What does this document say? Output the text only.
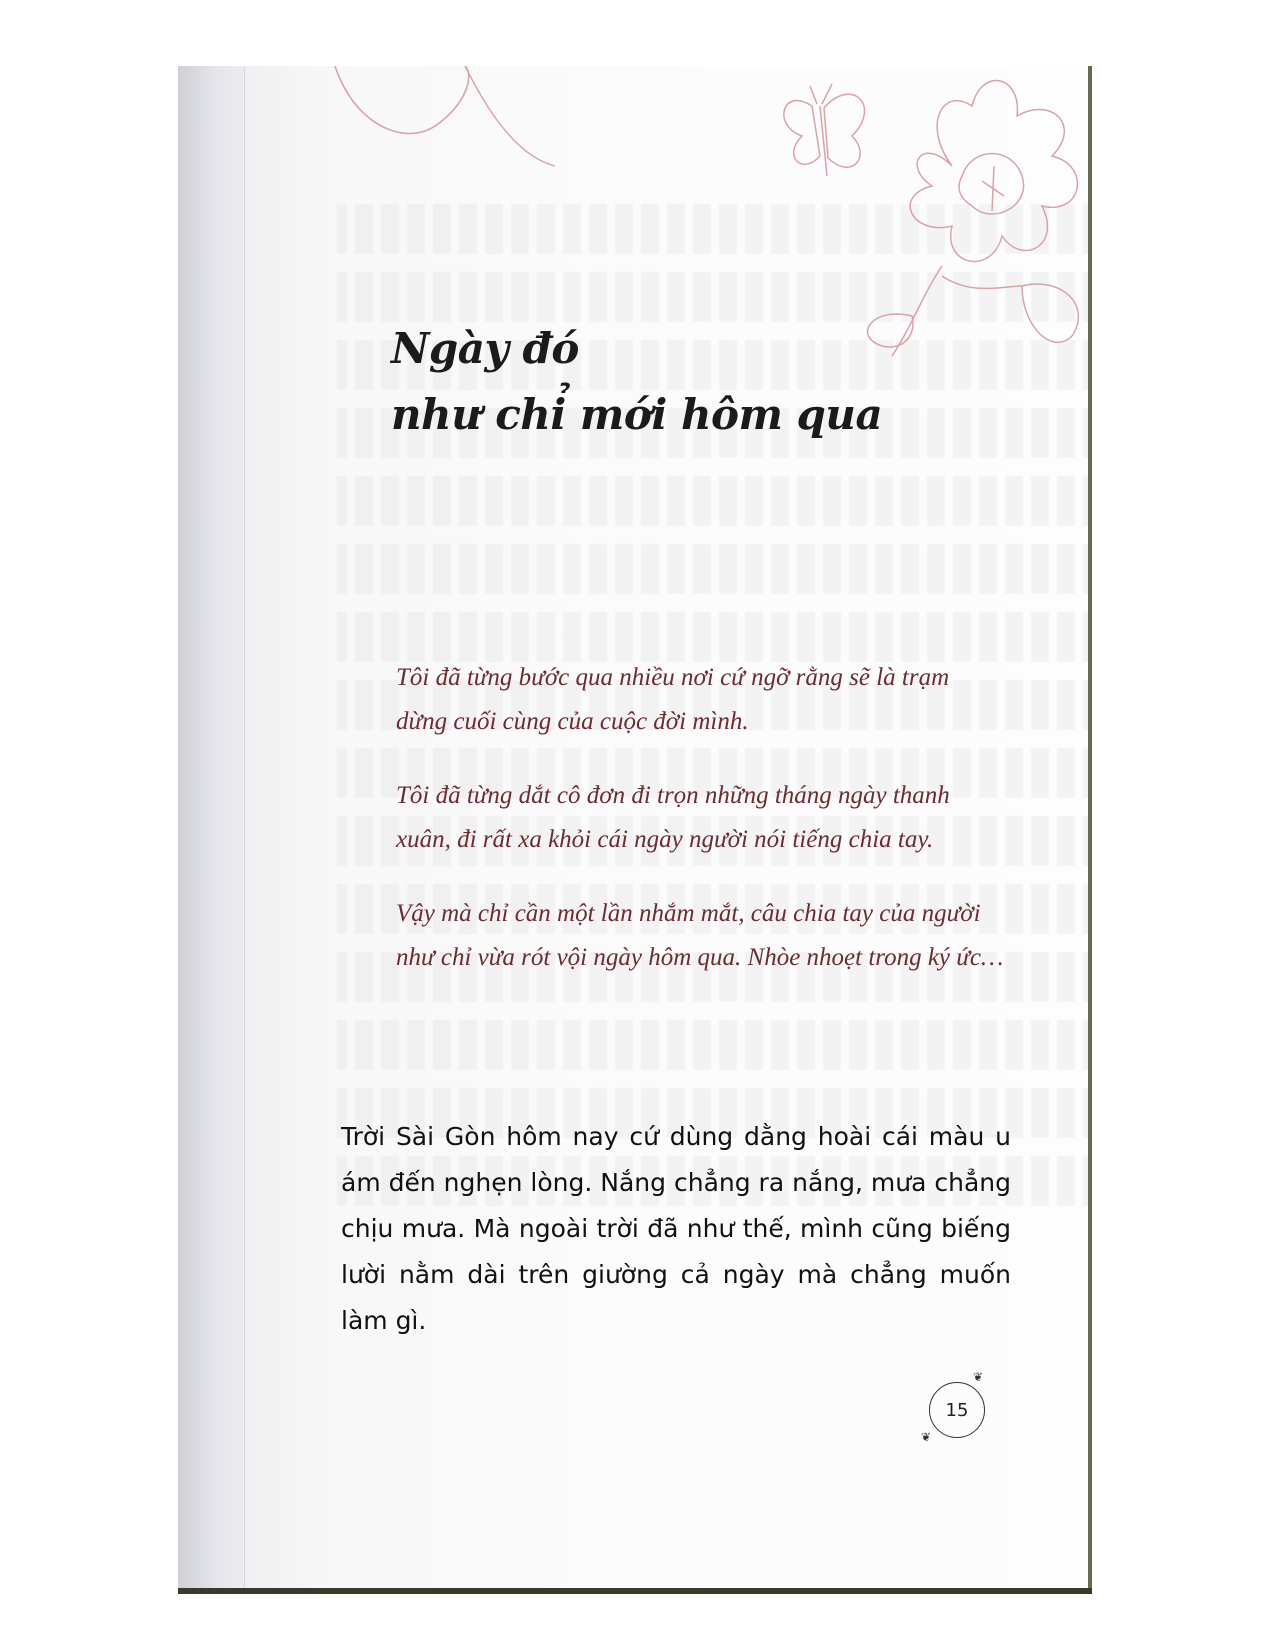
Ngày đó
như chỉ mới hôm qua

Tôi đã từng bước qua nhiều nơi cứ ngỡ rằng sẽ là trạm dừng cuối cùng của cuộc đời mình.

Tôi đã từng dắt cô đơn đi trọn những tháng ngày thanh xuân, đi rất xa khỏi cái ngày người nói tiếng chia tay.

Vậy mà chỉ cần một lần nhắm mắt, câu chia tay của người như chỉ vừa rót vội ngày hôm qua. Nhòe nhoẹt trong ký ức…

Trời Sài Gòn hôm nay cứ dùng dằng hoài cái màu u ám đến nghẹn lòng. Nắng chẳng ra nắng, mưa chẳng chịu mưa. Mà ngoài trời đã như thế, mình cũng biếng lười nằm dài trên giường cả ngày mà chẳng muốn làm gì.
15
❦
❦
